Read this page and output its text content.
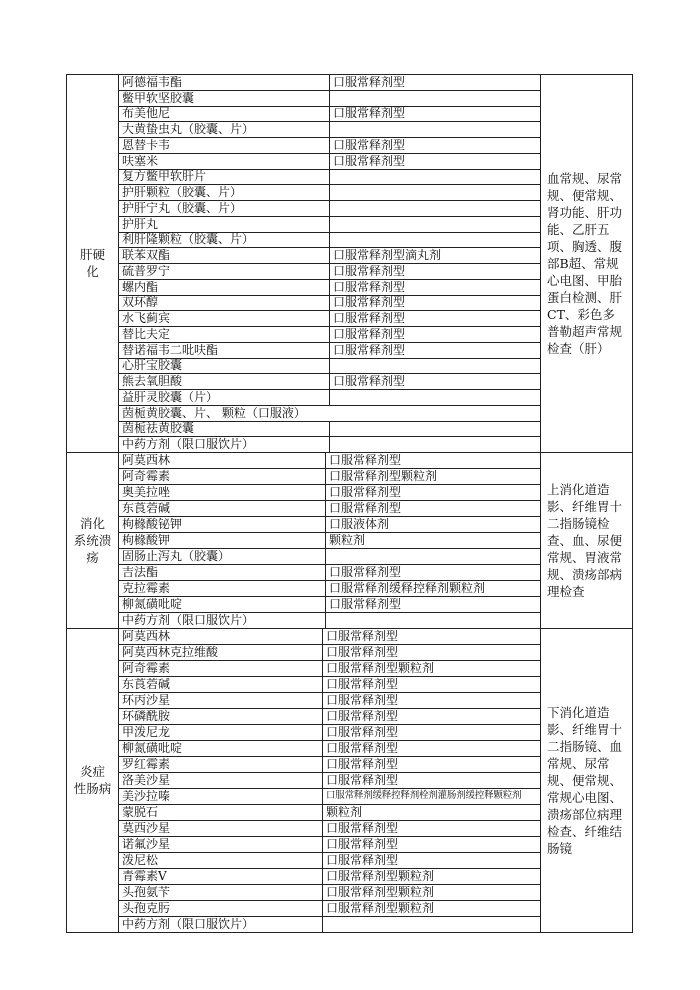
肝硬
化
血常规、尿常规、便常规、肾功能、肝功能、乙肝五项、胸透、腹部B超、常规心电图、甲胎蛋白检测、肝CT、彩色多普勒超声常规检查（肝）
阿德福韦酯	口服常释剂型
鳖甲软坚胶囊
布美他尼	口服常释剂型
大黄蛰虫丸（胶囊、片）
恩替卡韦	口服常释剂型
呋塞米	口服常释剂型
复方鳖甲软肝片
护肝颗粒（胶囊、片）
护肝宁丸（胶囊、片）
护肝丸
利肝隆颗粒（胶囊、片）
联苯双酯	口服常释剂型滴丸剂
硫普罗宁	口服常释剂型
螺内酯	口服常释剂型
双环醇	口服常释剂型
水飞蓟宾	口服常释剂型
替比夫定	口服常释剂型
替诺福韦二吡呋酯	口服常释剂型
心肝宝胶囊
熊去氧胆酸	口服常释剂型
益肝灵胶囊（片）
茵栀黄胶囊、片、 颗粒（口服液）
茵栀祛黄胶囊
中药方剂（限口服饮片）
消化
系统溃
疡
上消化道造影、纤维胃十二指肠镜检查、血、尿便常规、胃液常规、溃疡部病理检查
阿莫西林	口服常释剂型
阿奇霉素	口服常释剂型颗粒剂
奥美拉唑	口服常释剂型
东莨菪碱	口服常释剂型
枸橼酸铋钾	口服液体剂
枸橼酸钾	颗粒剂
固肠止泻丸（胶囊）
吉法酯	口服常释剂型
克拉霉素	口服常释剂缓释控释剂颗粒剂
柳氮磺吡啶	口服常释剂型
中药方剂（限口服饮片）
炎症
性肠病
下消化道造影、纤维胃十二指肠镜、血常规、尿常规、便常规、常规心电图、溃疡部位病理检查、纤维结肠镜
阿莫西林	口服常释剂型
阿莫西林克拉维酸	口服常释剂型
阿奇霉素	口服常释剂型颗粒剂
东莨菪碱	口服常释剂型
环丙沙星	口服常释剂型
环磷酰胺	口服常释剂型
甲泼尼龙	口服常释剂型
柳氮磺吡啶	口服常释剂型
罗红霉素	口服常释剂型
洛美沙星	口服常释剂型
美沙拉嗪	口服常释剂缓释控释剂栓剂灌肠剂缓控释颗粒剂
蒙脱石	颗粒剂
莫西沙星	口服常释剂型
诺氟沙星	口服常释剂型
泼尼松	口服常释剂型
青霉素V	口服常释剂型颗粒剂
头孢氨苄	口服常释剂型颗粒剂
头孢克肟	口服常释剂型颗粒剂
中药方剂（限口服饮片）
